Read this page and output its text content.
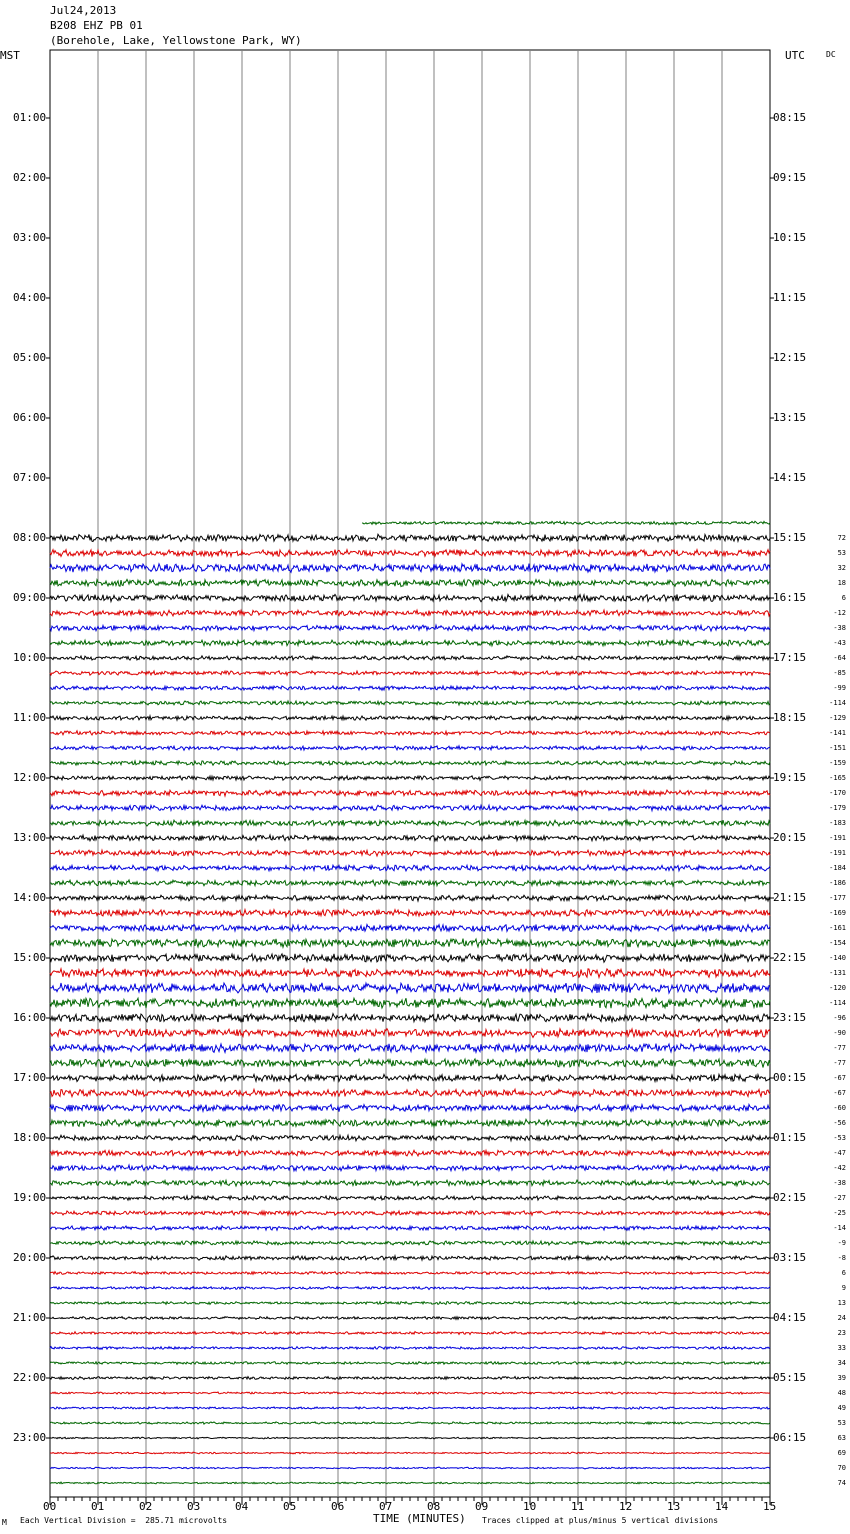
Jul24,2013
B208 EHZ PB 01
(Borehole, Lake, Yellowstone Park, WY)
MST	UTC	DC
00	01	02	03	04	05	06	07	08	09	10	11	12	13	14	15
01:00
02:00
03:00
04:00
05:00
06:00
07:00
08:00
09:00
10:00
11:00
12:00
13:00
14:00
15:00
16:00
17:00
18:00
19:00
20:00
21:00
22:00
23:00
08:15
09:15
10:15
11:15
12:15
13:15
14:15
15:15
16:15
17:15
18:15
19:15
20:15
21:15
22:15
23:15
00:15
01:15
02:15
03:15
04:15
05:15
06:15
72
53
32
18
6
-12
-38
-43
-64
-85
-99
-114
-129
-141
-151
-159
-165
-170
-179
-183
-191
-191
-184
-186
-177
-169
-161
-154
-140
-131
-120
-114
-96
-90
-77
-77
-67
-67
-60
-56
-53
-47
-42
-38
-27
-25
-14
-9
-8
6
9
13
24
23
33
34
39
48
49
53
63
69
70
74
M Each Vertical Division =  285.71 microvolts	TIME (MINUTES) Traces clipped at plus/minus 5 vertical divisions
